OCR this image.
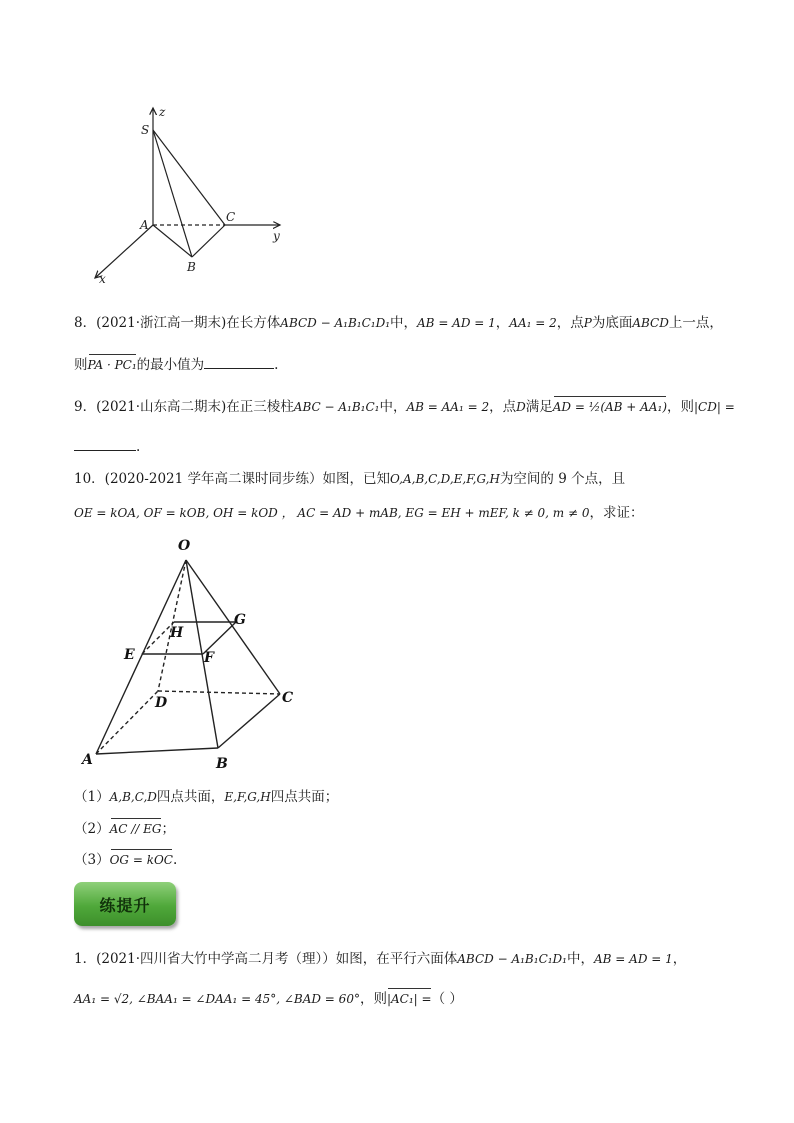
z
S
A
C
y
B
x
8．(2021·浙江高一期末)在长方体ABCD − A₁B₁C₁D₁中，AB = AD = 1，AA₁ = 2，点P为底面ABCD上一点，
则PA · PC₁的最小值为	.
9．(2021·山东高二期末)在正三棱柱ABC − A₁B₁C₁中，AB = AA₁ = 2，点D满足AD = ½(AB + AA₁)，则|CD| =
.
10．(2020-2021 学年高二课时同步练）如图，已知O,A,B,C,D,E,F,G,H为空间的 9 个点，且
OE = kOA, OF = kOB, OH = kOD ， AC = AD + mAB, EG = EH + mEF, k ≠ 0, m ≠ 0，求证：
O
H
G
E	F
D	C
A	B
（1）A,B,C,D四点共面，E,F,G,H四点共面；
（2）AC // EG；
（3）OG = kOC.
练提升
1．(2021·四川省大竹中学高二月考（理））如图，在平行六面体ABCD − A₁B₁C₁D₁中，AB = AD = 1，
AA₁ = √2, ∠BAA₁ = ∠DAA₁ = 45°, ∠BAD = 60°，则|AC₁| =（ ）
